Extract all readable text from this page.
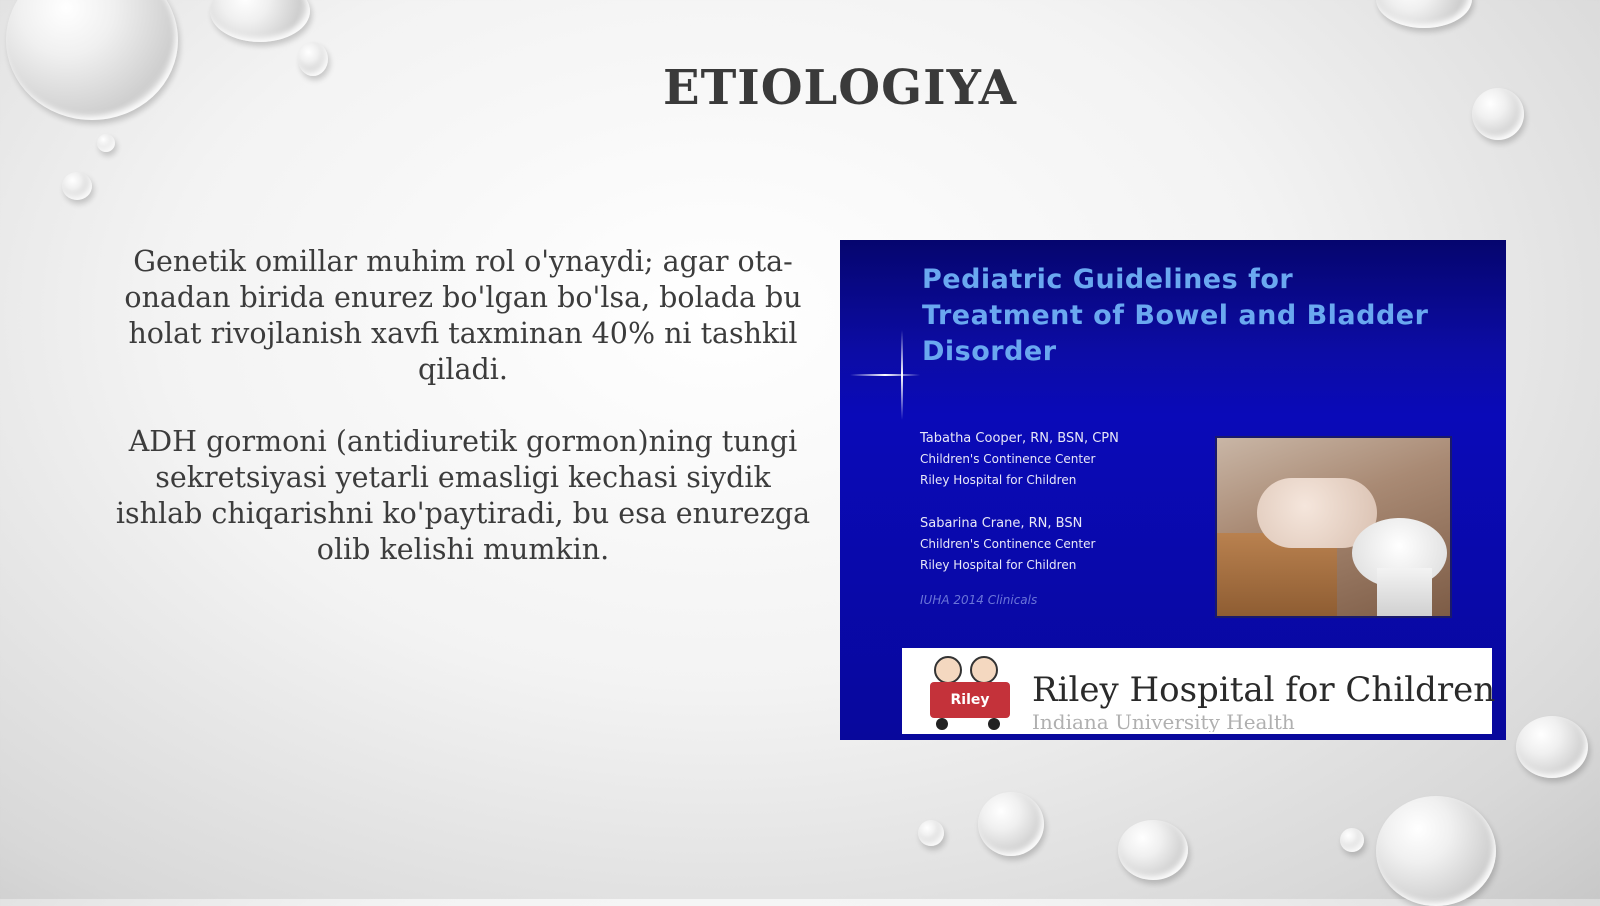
ETIOLOGIYA

Genetik omillar muhim rol o'ynaydi; agar ota-onadan birida enurez bo'lgan bo'lsa, bolada bu holat rivojlanish xavfi taxminan 40% ni tashkil qiladi.

ADH gormoni (antidiuretik gormon)ning tungi sekretsiyasi yetarli emasligi kechasi siydik ishlab chiqarishni ko'paytiradi, bu esa enurezga olib kelishi mumkin.

Pediatric Guidelines for
Treatment of Bowel and Bladder
Disorder
Tabatha Cooper, RN, BSN, CPN
Children's Continence Center
Riley Hospital for Children
Sabarina Crane, RN, BSN
Children's Continence Center
Riley Hospital for Children
IUHA 2014 Clinicals
Riley	Riley Hospital for Children
Indiana University Health
